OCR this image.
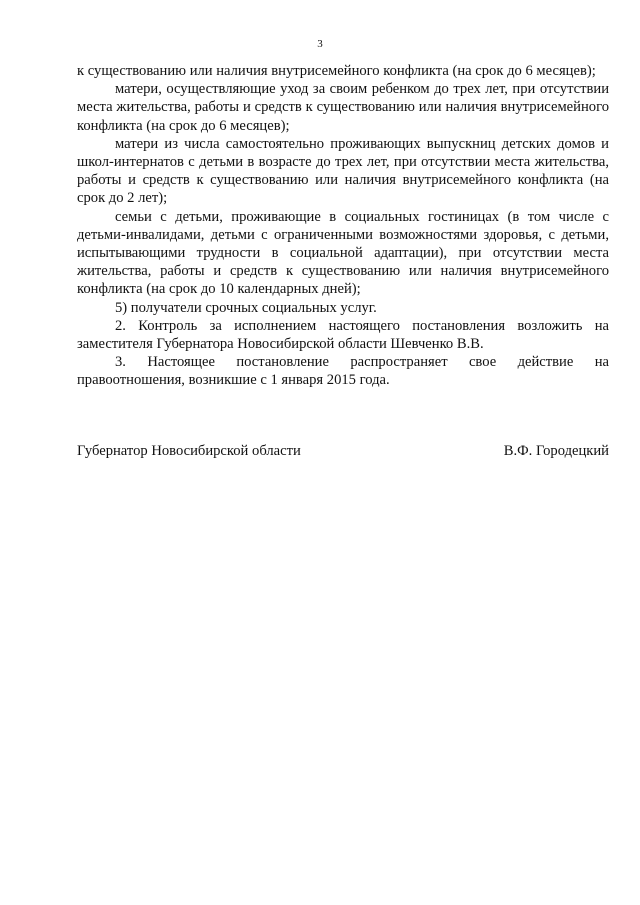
3

к существованию или наличия внутрисемейного конфликта (на срок до 6 месяцев);

матери, осуществляющие уход за своим ребенком до трех лет, при отсутствии места жительства, работы и средств к существованию или наличия внутрисемейного конфликта (на срок до 6 месяцев);

матери из числа самостоятельно проживающих выпускниц детских домов и школ-интернатов с детьми в возрасте до трех лет, при отсутствии места жительства, работы и средств к существованию или наличия внутрисемейного конфликта (на срок до 2 лет);

семьи с детьми, проживающие в социальных гостиницах (в том числе с детьми-инвалидами, детьми с ограниченными возможностями здоровья, с детьми, испытывающими трудности в социальной адаптации), при отсутствии места жительства, работы и средств к существованию или наличия внутрисемейного конфликта (на срок до 10 календарных дней);

5) получатели срочных социальных услуг.

2. Контроль за исполнением настоящего постановления возложить на заместителя Губернатора Новосибирской области Шевченко В.В.

3. Настоящее постановление распространяет свое действие на правоотношения, возникшие с 1 января 2015 года.

Губернатор Новосибирской области	В.Ф. Городецкий
